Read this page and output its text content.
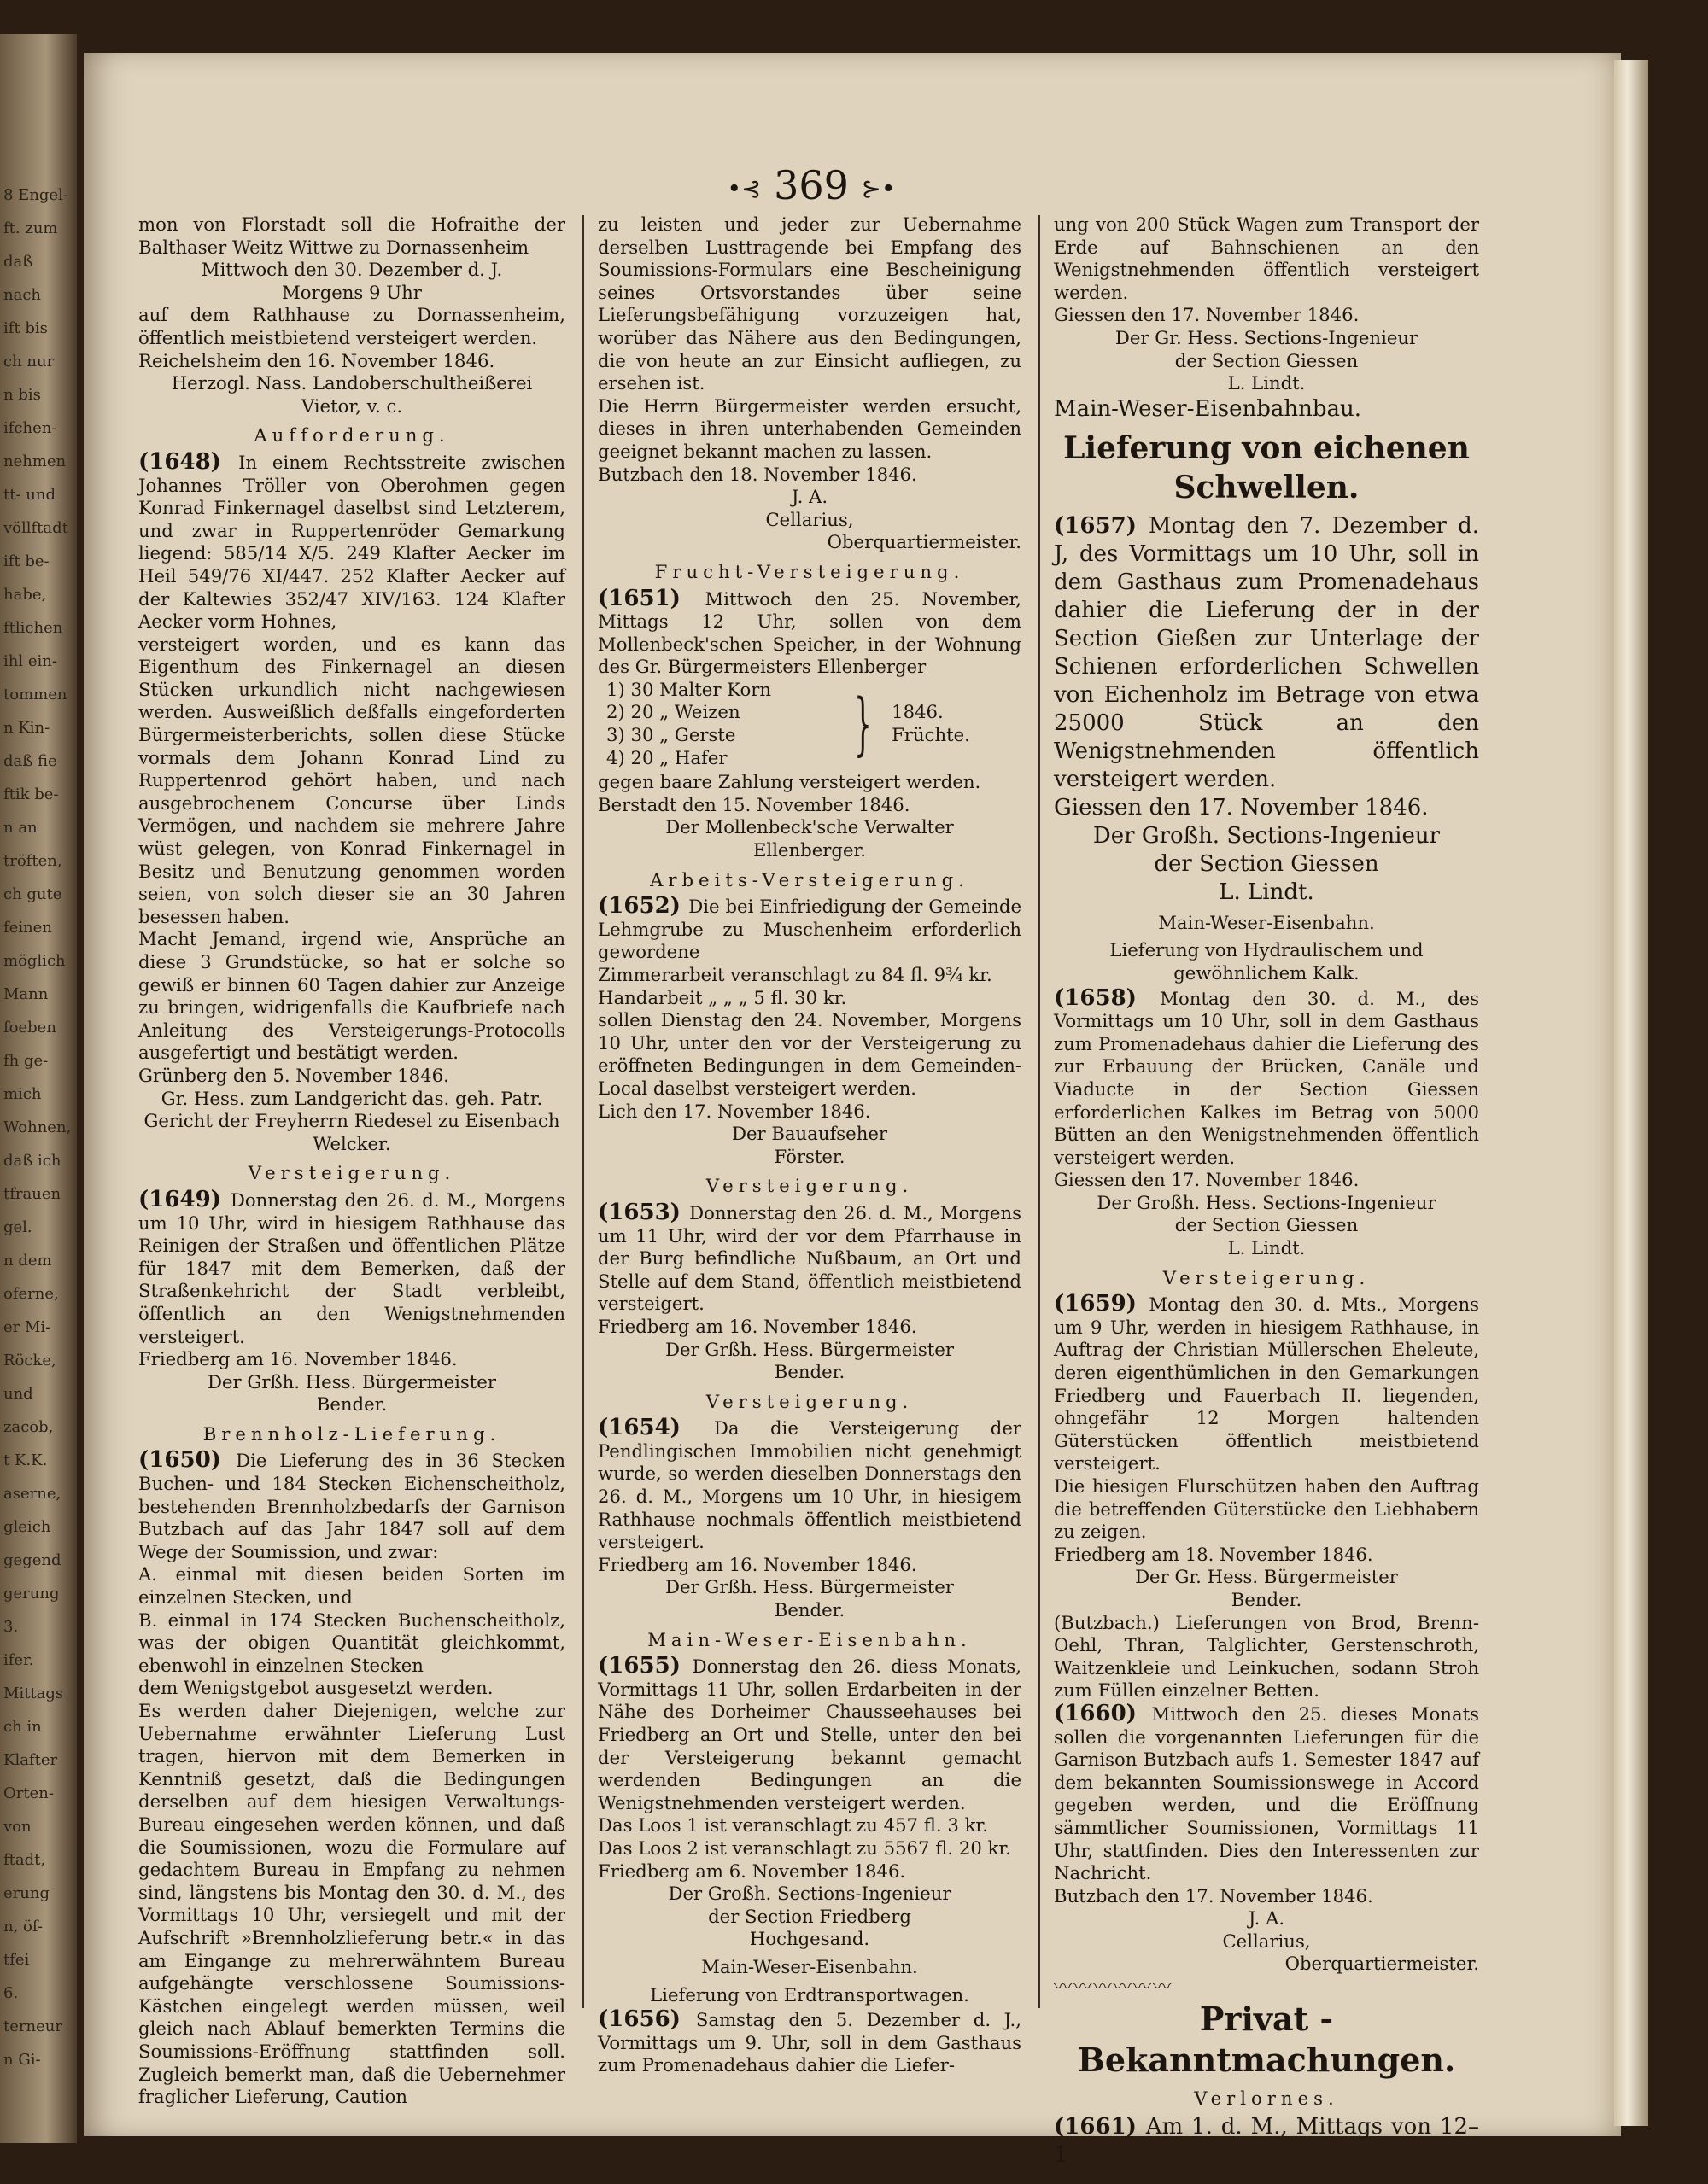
8 Engel-
ft. zum
daß
nach
ift bis
ch nur
n bis
ifchen-
nehmen
tt- und
völlftadt
ift be-
habe,
ftlichen
ihl ein-
tommen
n Kin-
daß fie
ftik be-
n an
tröften,
ch gute
feinen
möglich
Mann
foeben
fh ge-
mich
Wohnen,
daß ich
tfrauen
gel.
n dem
oferne,
er Mi-
Röcke,
und
zacob,
t K.K.
aserne,
gleich
gegend
gerung
3.
ifer.
Mittags
ch in
Klafter
Orten-
von
ftadt,
erung
n, öf-
tfei
6.
terneur
n Gi-
•⊰ 369 ⊱•

mon von Florstadt soll die Hofraithe der Balthaser Weitz Wittwe zu Dornassenheim

Mittwoch den 30. Dezember d. J.

Morgens 9 Uhr

auf dem Rathhause zu Dornassenheim, öffentlich meistbietend versteigert werden.

Reichelsheim den 16. November 1846.

Herzogl. Nass. Landoberschultheißerei

Vietor, v. c.

Aufforderung.

(1648) In einem Rechtsstreite zwischen Johannes Tröller von Oberohmen gegen Konrad Finkernagel daselbst sind Letzterem, und zwar in Ruppertenröder Gemarkung liegend: 585/14 X/5. 249 Klafter Aecker im Heil 549/76 XI/447. 252 Klafter Aecker auf der Kaltewies 352/47 XIV/163. 124 Klafter Aecker vorm Hohnes,

versteigert worden, und es kann das Eigenthum des Finkernagel an diesen Stücken urkundlich nicht nachgewiesen werden. Ausweißlich deßfalls eingeforderten Bürgermeisterberichts, sollen diese Stücke vormals dem Johann Konrad Lind zu Ruppertenrod gehört haben, und nach ausgebrochenem Concurse über Linds Vermögen, und nachdem sie mehrere Jahre wüst gelegen, von Konrad Finkernagel in Besitz und Benutzung genommen worden seien, von solch dieser sie an 30 Jahren besessen haben.

Macht Jemand, irgend wie, Ansprüche an diese 3 Grundstücke, so hat er solche so gewiß er binnen 60 Tagen dahier zur Anzeige zu bringen, widrigenfalls die Kaufbriefe nach Anleitung des Versteigerungs-Protocolls ausgefertigt und bestätigt werden.

Grünberg den 5. November 1846.

Gr. Hess. zum Landgericht das. geh. Patr. Gericht der Freyherrn Riedesel zu Eisenbach

Welcker.

Versteigerung.

(1649) Donnerstag den 26. d. M., Morgens um 10 Uhr, wird in hiesigem Rathhause das Reinigen der Straßen und öffentlichen Plätze für 1847 mit dem Bemerken, daß der Straßenkehricht der Stadt verbleibt, öffentlich an den Wenigstnehmenden versteigert.

Friedberg am 16. November 1846.

Der Grßh. Hess. Bürgermeister

Bender.

Brennholz-Lieferung.

(1650) Die Lieferung des in 36 Stecken Buchen- und 184 Stecken Eichenscheitholz, bestehenden Brennholzbedarfs der Garnison Butzbach auf das Jahr 1847 soll auf dem Wege der Soumission, und zwar:

A. einmal mit diesen beiden Sorten im einzelnen Stecken, und

B. einmal in 174 Stecken Buchenscheitholz, was der obigen Quantität gleichkommt, ebenwohl in einzelnen Stecken

dem Wenigstgebot ausgesetzt werden.

Es werden daher Diejenigen, welche zur Uebernahme erwähnter Lieferung Lust tragen, hiervon mit dem Bemerken in Kenntniß gesetzt, daß die Bedingungen derselben auf dem hiesigen Verwaltungs-Bureau eingesehen werden können, und daß die Soumissionen, wozu die Formulare auf gedachtem Bureau in Empfang zu nehmen sind, längstens bis Montag den 30. d. M., des Vormittags 10 Uhr, versiegelt und mit der Aufschrift »Brennholzlieferung betr.« in das am Eingange zu mehrerwähntem Bureau aufgehängte verschlossene Soumissions-Kästchen eingelegt werden müssen, weil gleich nach Ablauf bemerkten Termins die Soumissions-Eröffnung stattfinden soll. Zugleich bemerkt man, daß die Uebernehmer fraglicher Lieferung, Caution

zu leisten und jeder zur Uebernahme derselben Lusttragende bei Empfang des Soumissions-Formulars eine Bescheinigung seines Ortsvorstandes über seine Lieferungsbefähigung vorzuzeigen hat, worüber das Nähere aus den Bedingungen, die von heute an zur Einsicht aufliegen, zu ersehen ist.

Die Herrn Bürgermeister werden ersucht, dieses in ihren unterhabenden Gemeinden geeignet bekannt machen zu lassen.

Butzbach den 18. November 1846.

J. A.

Cellarius,

Oberquartiermeister.

Frucht-Versteigerung.

(1651) Mittwoch den 25. November, Mittags 12 Uhr, sollen von dem Mollenbeck'schen Speicher, in der Wohnung des Gr. Bürgermeisters Ellenberger

1) 30 Malter Korn
2) 20 „ Weizen
3) 30 „ Gerste
4) 20 „ Hafer	} 1846. Früchte.

gegen baare Zahlung versteigert werden.

Berstadt den 15. November 1846.

Der Mollenbeck'sche Verwalter

Ellenberger.

Arbeits-Versteigerung.

(1652) Die bei Einfriedigung der Gemeinde Lehmgrube zu Muschenheim erforderlich gewordene

Zimmerarbeit veranschlagt zu 84 fl. 9¾ kr.

Handarbeit „ „ „ 5 fl. 30 kr.

sollen Dienstag den 24. November, Morgens 10 Uhr, unter den vor der Versteigerung zu eröffneten Bedingungen in dem Gemeinden-Local daselbst versteigert werden.

Lich den 17. November 1846.

Der Bauaufseher

Förster.

Versteigerung.

(1653) Donnerstag den 26. d. M., Morgens um 11 Uhr, wird der vor dem Pfarrhause in der Burg befindliche Nußbaum, an Ort und Stelle auf dem Stand, öffentlich meistbietend versteigert.

Friedberg am 16. November 1846.

Der Grßh. Hess. Bürgermeister

Bender.

Versteigerung.

(1654) Da die Versteigerung der Pendlingischen Immobilien nicht genehmigt wurde, so werden dieselben Donnerstags den 26. d. M., Morgens um 10 Uhr, in hiesigem Rathhause nochmals öffentlich meistbietend versteigert.

Friedberg am 16. November 1846.

Der Grßh. Hess. Bürgermeister

Bender.

Main-Weser-Eisenbahn.

(1655) Donnerstag den 26. diess Monats, Vormittags 11 Uhr, sollen Erdarbeiten in der Nähe des Dorheimer Chausseehauses bei Friedberg an Ort und Stelle, unter den bei der Versteigerung bekannt gemacht werdenden Bedingungen an die Wenigstnehmenden versteigert werden.

Das Loos 1 ist veranschlagt zu 457 fl. 3 kr.

Das Loos 2 ist veranschlagt zu 5567 fl. 20 kr.

Friedberg am 6. November 1846.

Der Großh. Sections-Ingenieur

der Section Friedberg

Hochgesand.

Main-Weser-Eisenbahn.

Lieferung von Erdtransportwagen.

(1656) Samstag den 5. Dezember d. J., Vormittags um 9. Uhr, soll in dem Gasthaus zum Promenadehaus dahier die Liefer-

ung von 200 Stück Wagen zum Transport der Erde auf Bahnschienen an den Wenigstnehmenden öffentlich versteigert werden.

Giessen den 17. November 1846.

Der Gr. Hess. Sections-Ingenieur

der Section Giessen

L. Lindt.

Main-Weser-Eisenbahnbau.

Lieferung von eichenen Schwellen.

(1657) Montag den 7. Dezember d. J, des Vormittags um 10 Uhr, soll in dem Gasthaus zum Promenadehaus dahier die Lieferung der in der Section Gießen zur Unterlage der Schienen erforderlichen Schwellen von Eichenholz im Betrage von etwa 25000 Stück an den Wenigstnehmenden öffentlich versteigert werden.

Giessen den 17. November 1846.

Der Großh. Sections-Ingenieur

der Section Giessen

L. Lindt.

Main-Weser-Eisenbahn.

Lieferung von Hydraulischem und gewöhnlichem Kalk.

(1658) Montag den 30. d. M., des Vormittags um 10 Uhr, soll in dem Gasthaus zum Promenadehaus dahier die Lieferung des zur Erbauung der Brücken, Canäle und Viaducte in der Section Giessen erforderlichen Kalkes im Betrag von 5000 Bütten an den Wenigstnehmenden öffentlich versteigert werden.

Giessen den 17. November 1846.

Der Großh. Hess. Sections-Ingenieur

der Section Giessen

L. Lindt.

Versteigerung.

(1659) Montag den 30. d. Mts., Morgens um 9 Uhr, werden in hiesigem Rathhause, in Auftrag der Christian Müllerschen Eheleute, deren eigenthümlichen in den Gemarkungen Friedberg und Fauerbach II. liegenden, ohngefähr 12 Morgen haltenden Güterstücken öffentlich meistbietend versteigert.

Die hiesigen Flurschützen haben den Auftrag die betreffenden Güterstücke den Liebhabern zu zeigen.

Friedberg am 18. November 1846.

Der Gr. Hess. Bürgermeister

Bender.

(Butzbach.) Lieferungen von Brod, Brenn-Oehl, Thran, Talglichter, Gerstenschroth, Waitzenkleie und Leinkuchen, sodann Stroh zum Füllen einzelner Betten.

(1660) Mittwoch den 25. dieses Monats sollen die vorgenannten Lieferungen für die Garnison Butzbach aufs 1. Semester 1847 auf dem bekannten Soumissionswege in Accord gegeben werden, und die Eröffnung sämmtlicher Soumissionen, Vormittags 11 Uhr, stattfinden. Dies den Interessenten zur Nachricht.

Butzbach den 17. November 1846.

J. A.

Cellarius,

Oberquartiermeister.

〰〰〰〰〰〰

Privat - Bekanntmachungen.

Verlornes.

(1661) Am 1. d. M., Mittags von 12–1
